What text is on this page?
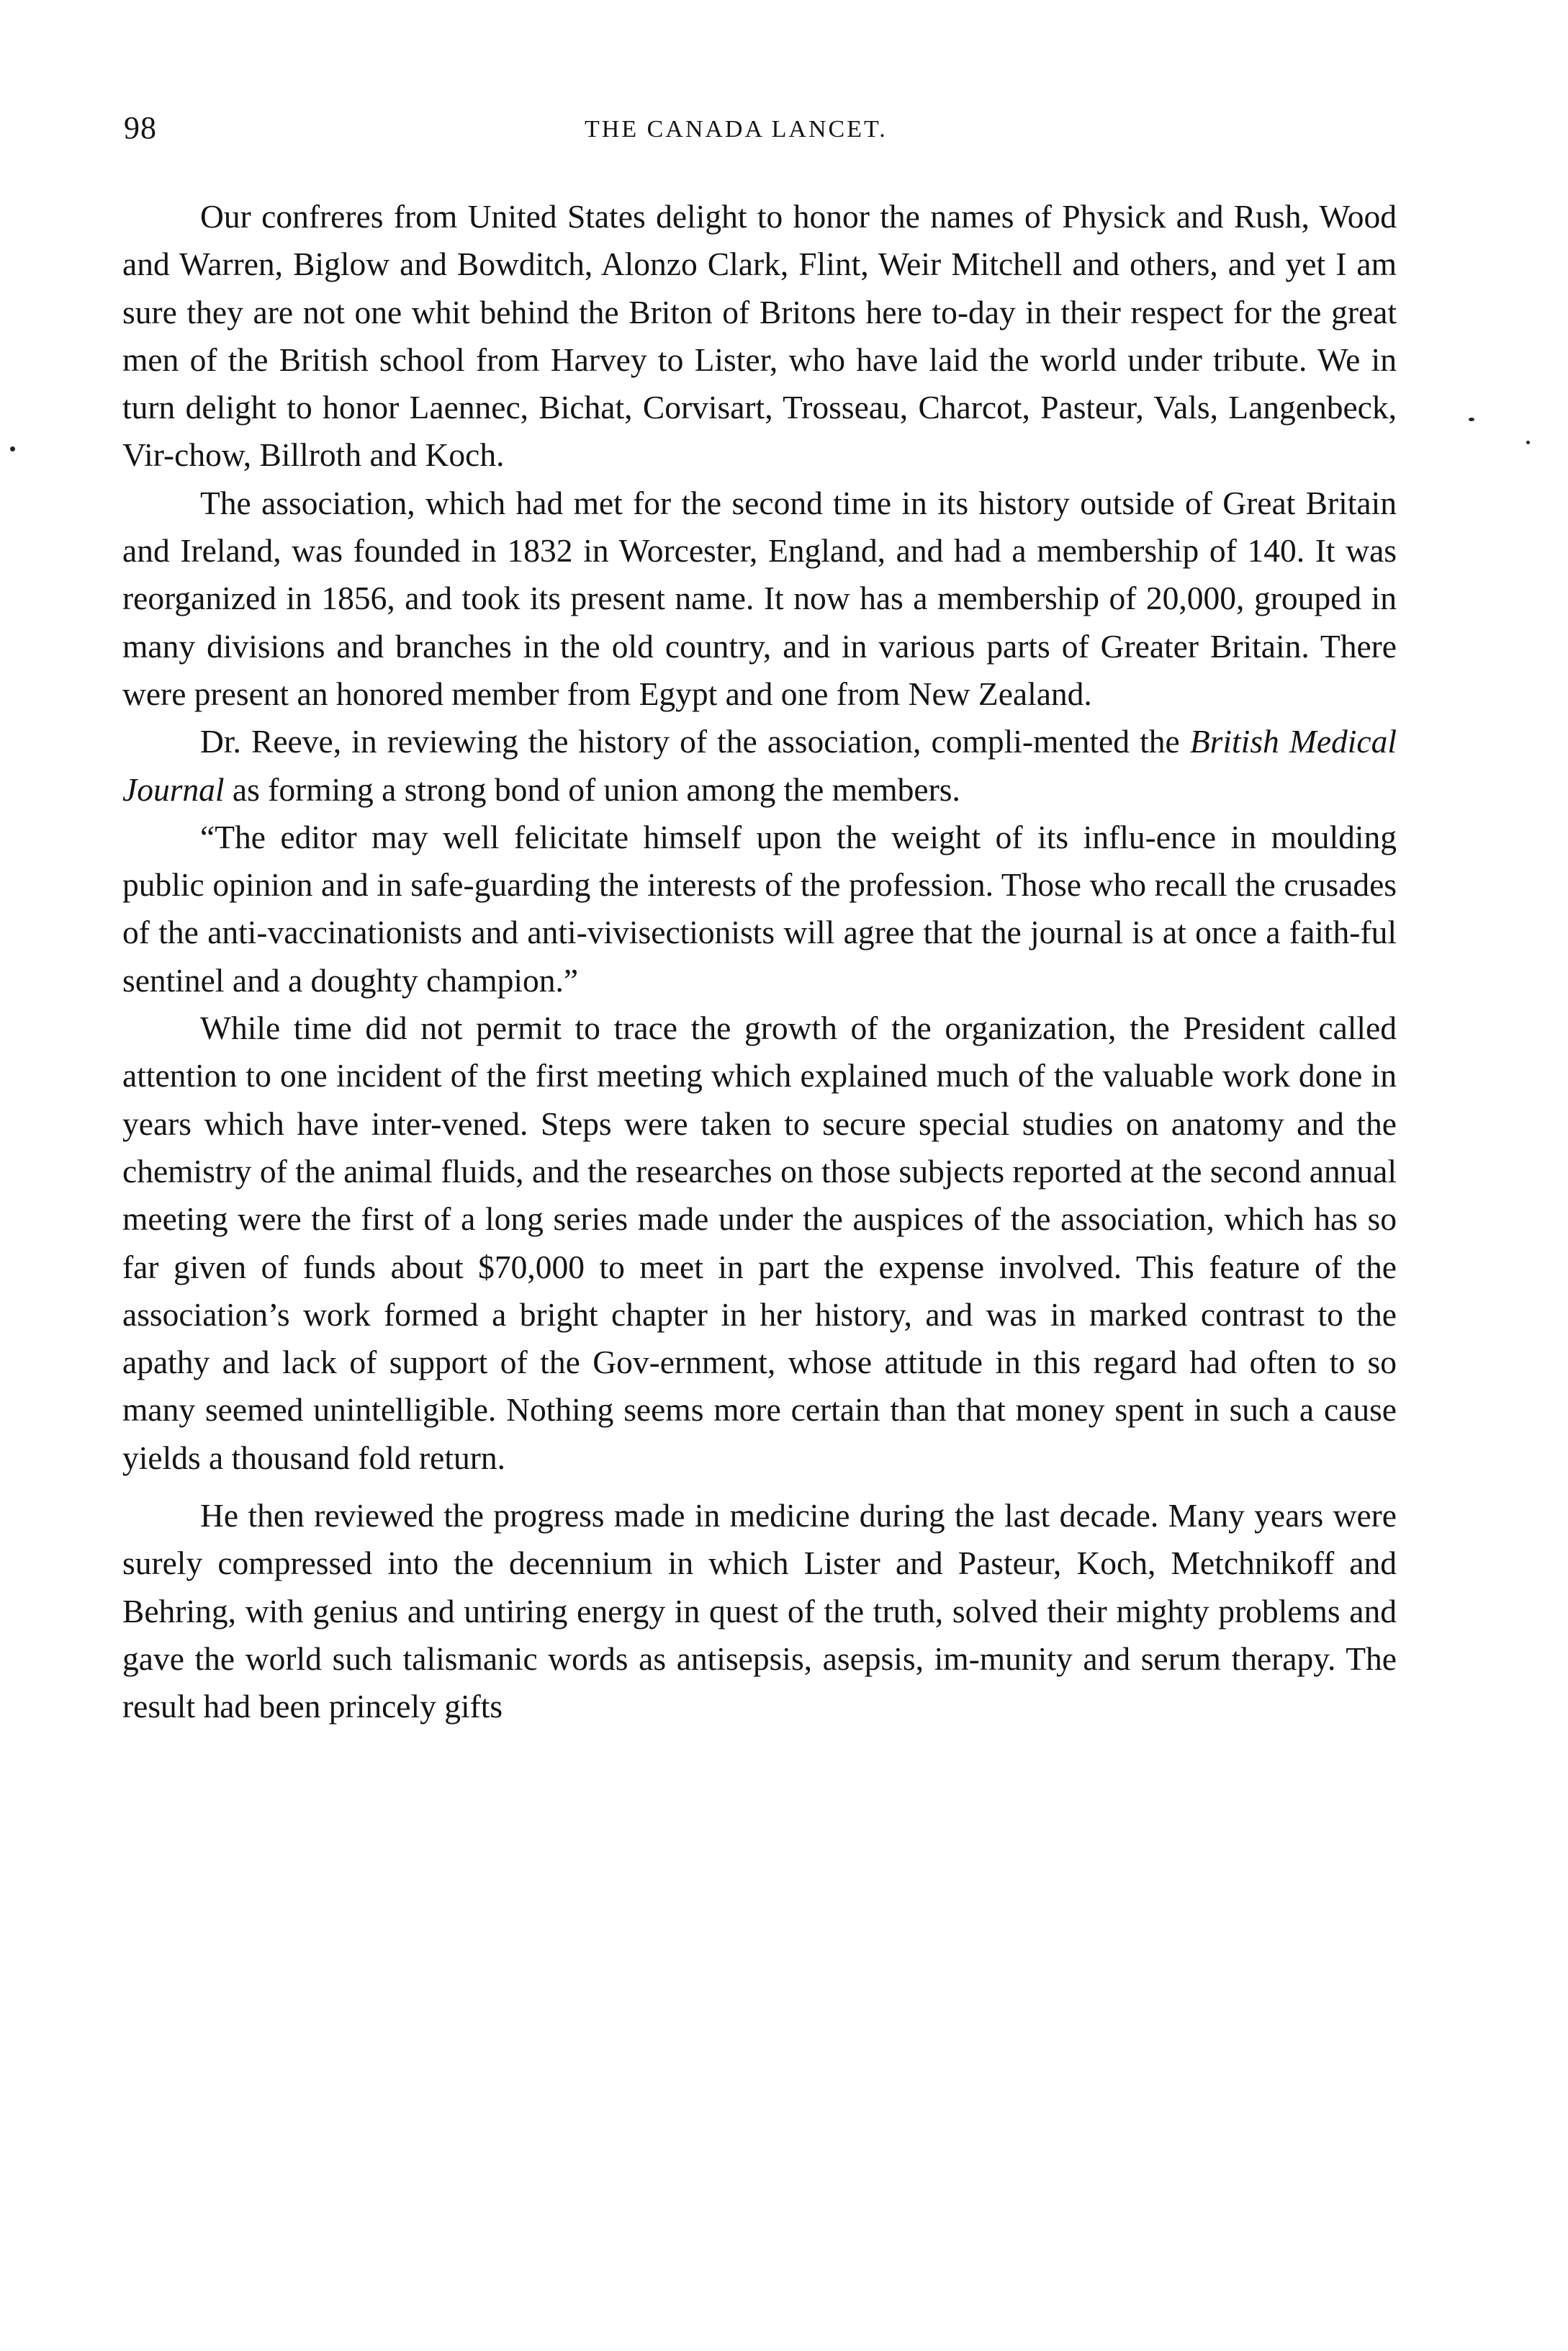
98	THE CANADA LANCET.

Our confreres from United States delight to honor the names of Physick and Rush, Wood and Warren, Biglow and Bowditch, Alonzo Clark, Flint, Weir Mitchell and others, and yet I am sure they are not one whit behind the Briton of Britons here to-day in their respect for the great men of the British school from Harvey to Lister, who have laid the world under tribute. We in turn delight to honor Laennec, Bichat, Corvisart, Trosseau, Charcot, Pasteur, Vals, Langenbeck, Vir-chow, Billroth and Koch.

The association, which had met for the second time in its history outside of Great Britain and Ireland, was founded in 1832 in Worcester, England, and had a membership of 140. It was reorganized in 1856, and took its present name. It now has a membership of 20,000, grouped in many divisions and branches in the old country, and in various parts of Greater Britain. There were present an honored member from Egypt and one from New Zealand.

Dr. Reeve, in reviewing the history of the association, compli-mented the British Medical Journal as forming a strong bond of union among the members.

“The editor may well felicitate himself upon the weight of its influ-ence in moulding public opinion and in safe-guarding the interests of the profession. Those who recall the crusades of the anti-vaccinationists and anti-vivisectionists will agree that the journal is at once a faith-ful sentinel and a doughty champion.”

While time did not permit to trace the growth of the organization, the President called attention to one incident of the first meeting which explained much of the valuable work done in years which have inter-vened. Steps were taken to secure special studies on anatomy and the chemistry of the animal fluids, and the researches on those subjects reported at the second annual meeting were the first of a long series made under the auspices of the association, which has so far given of funds about $70,000 to meet in part the expense involved. This feature of the association’s work formed a bright chapter in her history, and was in marked contrast to the apathy and lack of support of the Gov-ernment, whose attitude in this regard had often to so many seemed unintelligible. Nothing seems more certain than that money spent in such a cause yields a thousand fold return.

He then reviewed the progress made in medicine during the last decade. Many years were surely compressed into the decennium in which Lister and Pasteur, Koch, Metchnikoff and Behring, with genius and untiring energy in quest of the truth, solved their mighty problems and gave the world such talismanic words as antisepsis, asepsis, im-munity and serum therapy. The result had been princely gifts
